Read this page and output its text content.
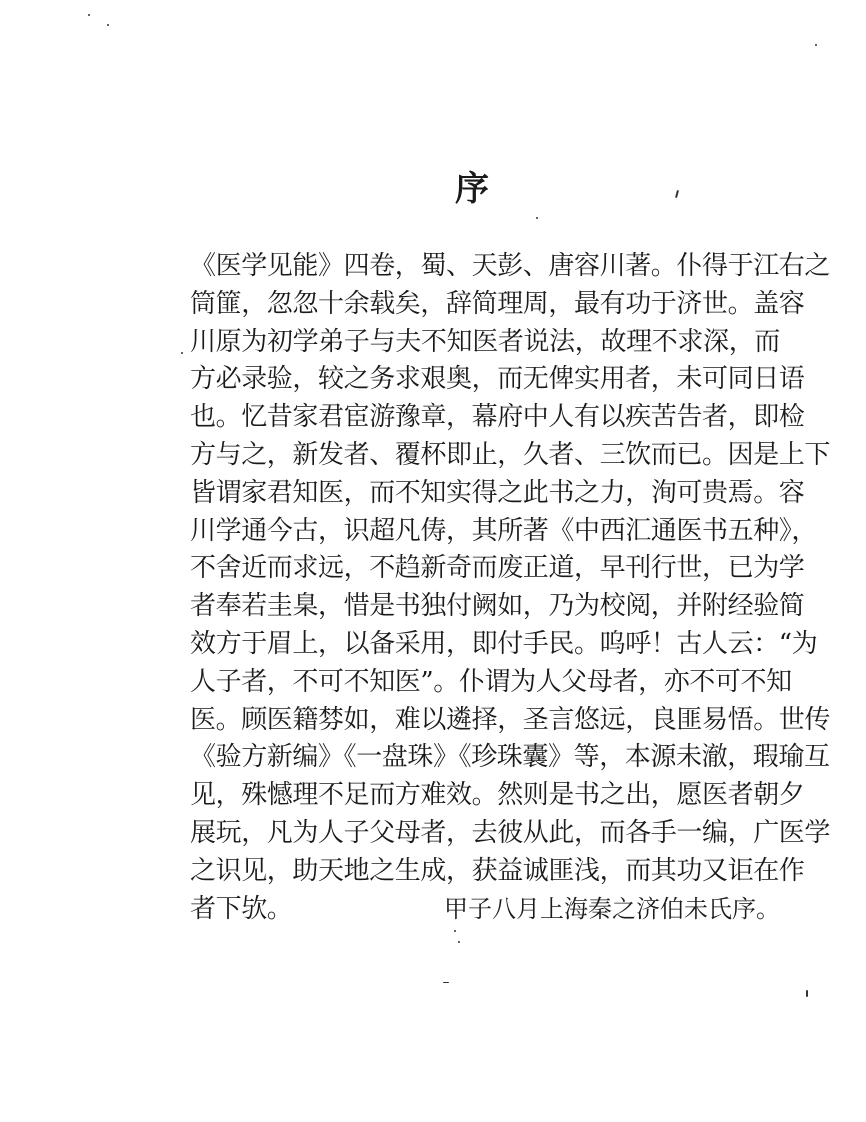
序
《医学见能》四卷，蜀、天彭、唐容川著。仆得于江右之
筒篚，忽忽十余载矣，辞简理周，最有功于济世。盖容
川原为初学弟子与夫不知医者说法，故理不求深，而
方必录验，较之务求艰奥，而无俾实用者，未可同日语
也。忆昔家君宦游豫章，幕府中人有以疾苦告者，即检
方与之，新发者、覆杯即止，久者、三饮而已。因是上下
皆谓家君知医，而不知实得之此书之力，洵可贵焉。容
川学通今古，识超凡俦，其所著《中西汇通医书五种》，
不舍近而求远，不趋新奇而废正道，早刊行世，已为学
者奉若圭臬，惜是书独付阙如，乃为校阅，并附经验简
效方于眉上，以备采用，即付手民。呜呼！古人云：“为
人子者，不可不知医”。仆谓为人父母者，亦不可不知
医。顾医籍棼如，难以遴择，圣言悠远，良匪易悟。世传
《验方新编》《一盘珠》《珍珠囊》等，本源未澈，瑕瑜互
见，殊憾理不足而方难效。然则是书之出，愿医者朝夕
展玩，凡为人子父母者，去彼从此，而各手一编，广医学
之识见，助天地之生成，获益诚匪浅，而其功又讵在作
者下欤。	甲子八月上海秦之济伯未氏序。
